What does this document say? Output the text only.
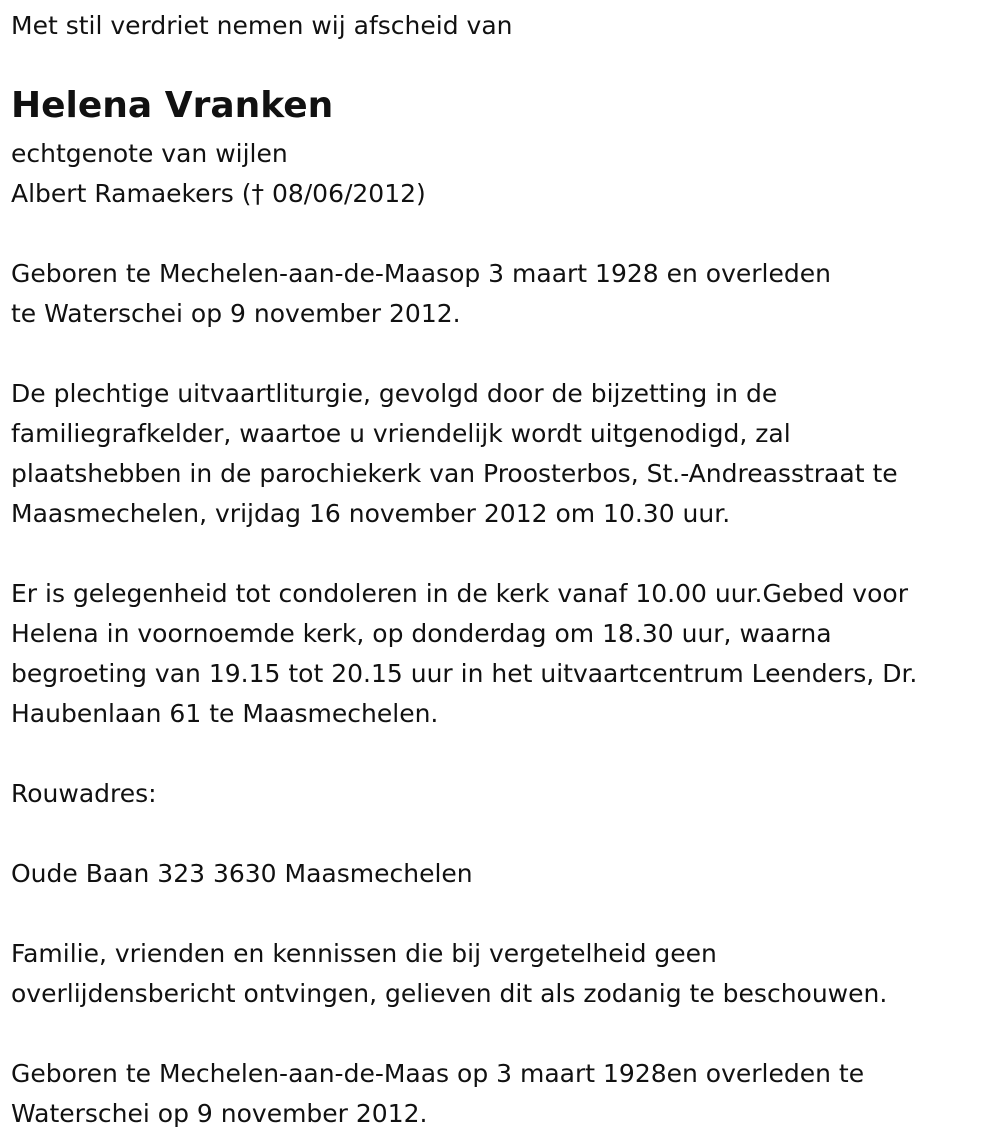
Met stil verdriet nemen wij afscheid van

Helena Vranken

echtgenote van wijlen

Albert Ramaekers († 08/06/2012)

Geboren te Mechelen-aan-de-Maasop 3 maart 1928 en overleden

te Waterschei op 9 november 2012.

De plechtige uitvaartliturgie, gevolgd door de bijzetting in de

familiegrafkelder, waartoe u vriendelijk wordt uitgenodigd, zal

plaatshebben in de parochiekerk van Proosterbos, St.-Andreasstraat te

Maasmechelen, vrijdag 16 november 2012 om 10.30 uur.

Er is gelegenheid tot condoleren in de kerk vanaf 10.00 uur.Gebed voor

Helena in voornoemde kerk, op donderdag om 18.30 uur, waarna

begroeting van 19.15 tot 20.15 uur in het uitvaartcentrum Leenders, Dr.

Haubenlaan 61 te Maasmechelen.

Rouwadres:

Oude Baan 323 3630 Maasmechelen

Familie, vrienden en kennissen die bij vergetelheid geen

overlijdensbericht ontvingen, gelieven dit als zodanig te beschouwen.

Geboren te Mechelen-aan-de-Maas op 3 maart 1928en overleden te

Waterschei op 9 november 2012.
